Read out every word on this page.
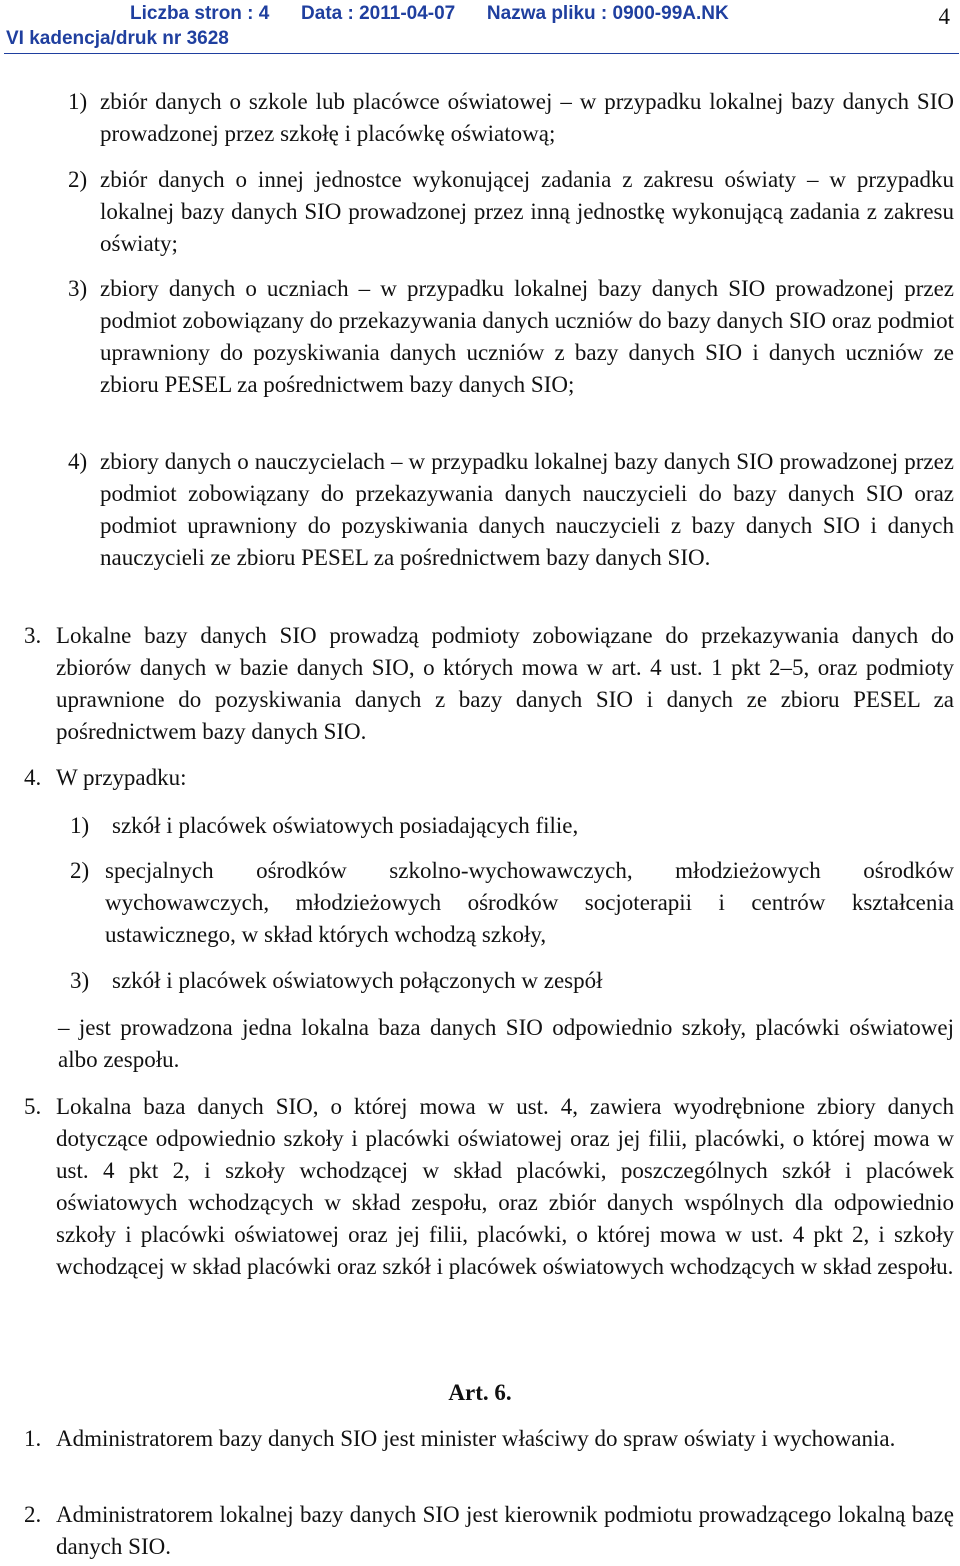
Liczba stron : 4      Data : 2011-04-07      Nazwa pliku : 0900-99A.NK
VI kadencja/druk nr 3628
4
1) zbiór danych o szkole lub placówce oświatowej – w przypadku lokalnej bazy danych SIO prowadzonej przez szkołę i placówkę oświatową;
2) zbiór danych o innej jednostce wykonującej zadania z zakresu oświaty – w przypadku lokalnej bazy danych SIO prowadzonej przez inną jednostkę wykonującą zadania z zakresu oświaty;
3) zbiory danych o uczniach – w przypadku lokalnej bazy danych SIO prowadzonej przez podmiot zobowiązany do przekazywania danych uczniów do bazy danych SIO oraz podmiot uprawniony do pozyskiwania danych uczniów z bazy danych SIO i danych uczniów ze zbioru PESEL za pośrednictwem bazy danych SIO;
4) zbiory danych o nauczycielach – w przypadku lokalnej bazy danych SIO prowadzonej przez podmiot zobowiązany do przekazywania danych nauczycieli do bazy danych SIO oraz podmiot uprawniony do pozyskiwania danych nauczycieli z bazy danych SIO i danych nauczycieli ze zbioru PESEL za pośrednictwem bazy danych SIO.
3. Lokalne bazy danych SIO prowadzą podmioty zobowiązane do przekazywania danych do zbiorów danych w bazie danych SIO, o których mowa w art. 4 ust. 1 pkt 2–5, oraz podmioty uprawnione do pozyskiwania danych z bazy danych SIO i danych ze zbioru PESEL za pośrednictwem bazy danych SIO.
4. W przypadku:
1) szkół i placówek oświatowych posiadających filie,
2) specjalnych ośrodków szkolno-wychowawczych, młodzieżowych ośrodków wychowawczych, młodzieżowych ośrodków socjoterapii i centrów kształcenia ustawicznego, w skład których wchodzą szkoły,
3) szkół i placówek oświatowych połączonych w zespół
– jest prowadzona jedna lokalna baza danych SIO odpowiednio szkoły, placówki oświatowej albo zespołu.
5. Lokalna baza danych SIO, o której mowa w ust. 4, zawiera wyodrębnione zbiory danych dotyczące odpowiednio szkoły i placówki oświatowej oraz jej filii, placówki, o której mowa w ust. 4 pkt 2, i szkoły wchodzącej w skład placówki, poszczególnych szkół i placówek oświatowych wchodzących w skład zespołu, oraz zbiór danych wspólnych dla odpowiednio szkoły i placówki oświatowej oraz jej filii, placówki, o której mowa w ust. 4 pkt 2, i szkoły wchodzącej w skład placówki oraz szkół i placówek oświatowych wchodzących w skład zespołu.
Art. 6.
1. Administratorem bazy danych SIO jest minister właściwy do spraw oświaty i wychowania.
2. Administratorem lokalnej bazy danych SIO jest kierownik podmiotu prowadzącego lokalną bazę danych SIO.
